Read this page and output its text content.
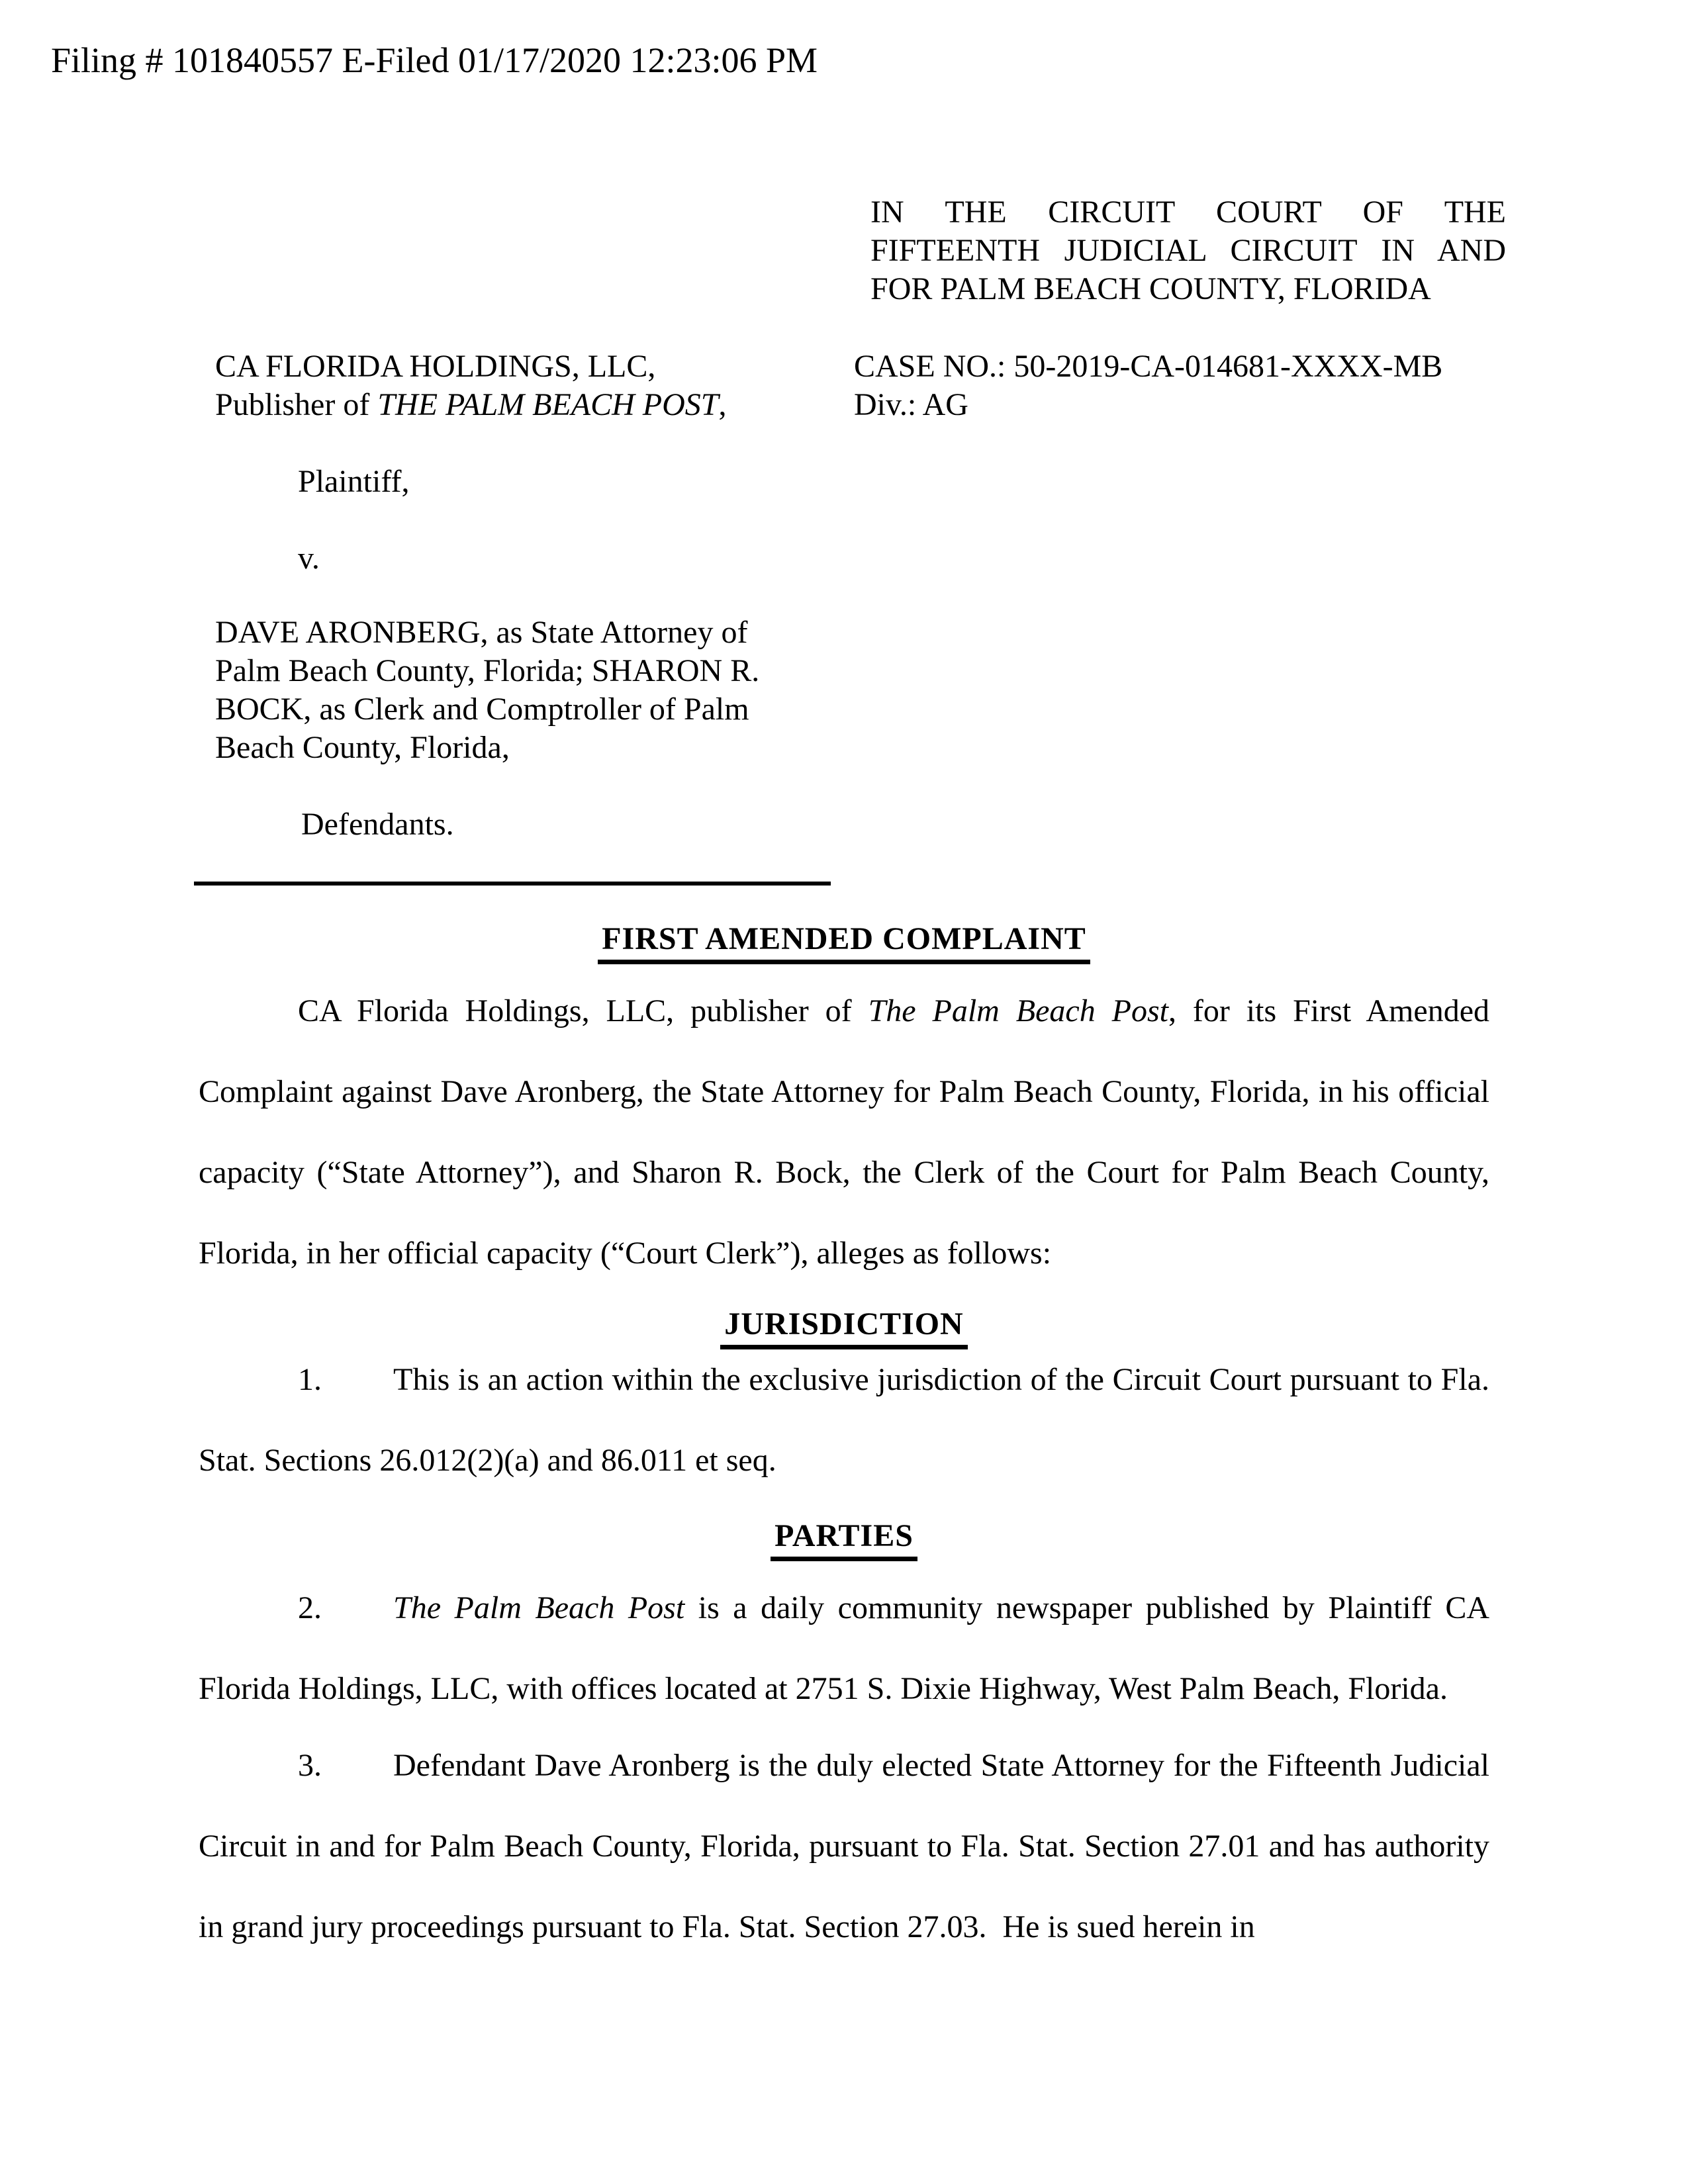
Filing # 101840557 E-Filed 01/17/2020 12:23:06 PM
IN THE CIRCUIT COURT OF THE
FIFTEENTH JUDICIAL CIRCUIT IN AND
FOR PALM BEACH COUNTY, FLORIDA
CA FLORIDA HOLDINGS, LLC,
Publisher of THE PALM BEACH POST,
CASE NO.: 50-2019-CA-014681-XXXX-MB
Div.: AG
Plaintiff,
v.
DAVE ARONBERG, as State Attorney of
Palm Beach County, Florida; SHARON R.
BOCK, as Clerk and Comptroller of Palm
Beach County, Florida,
Defendants.
FIRST AMENDED COMPLAINT
CA Florida Holdings, LLC, publisher of The Palm Beach Post, for its First Amended Complaint against Dave Aronberg, the State Attorney for Palm Beach County, Florida, in his official capacity (“State Attorney”), and Sharon R. Bock, the Clerk of the Court for Palm Beach County, Florida, in her official capacity (“Court Clerk”), alleges as follows:
JURISDICTION
1. This is an action within the exclusive jurisdiction of the Circuit Court pursuant to Fla. Stat. Sections 26.012(2)(a) and 86.011 et seq.
PARTIES
2. The Palm Beach Post is a daily community newspaper published by Plaintiff CA Florida Holdings, LLC, with offices located at 2751 S. Dixie Highway, West Palm Beach, Florida.
3. Defendant Dave Aronberg is the duly elected State Attorney for the Fifteenth Judicial Circuit in and for Palm Beach County, Florida, pursuant to Fla. Stat. Section 27.01 and has authority in grand jury proceedings pursuant to Fla. Stat. Section 27.03.  He is sued herein in
